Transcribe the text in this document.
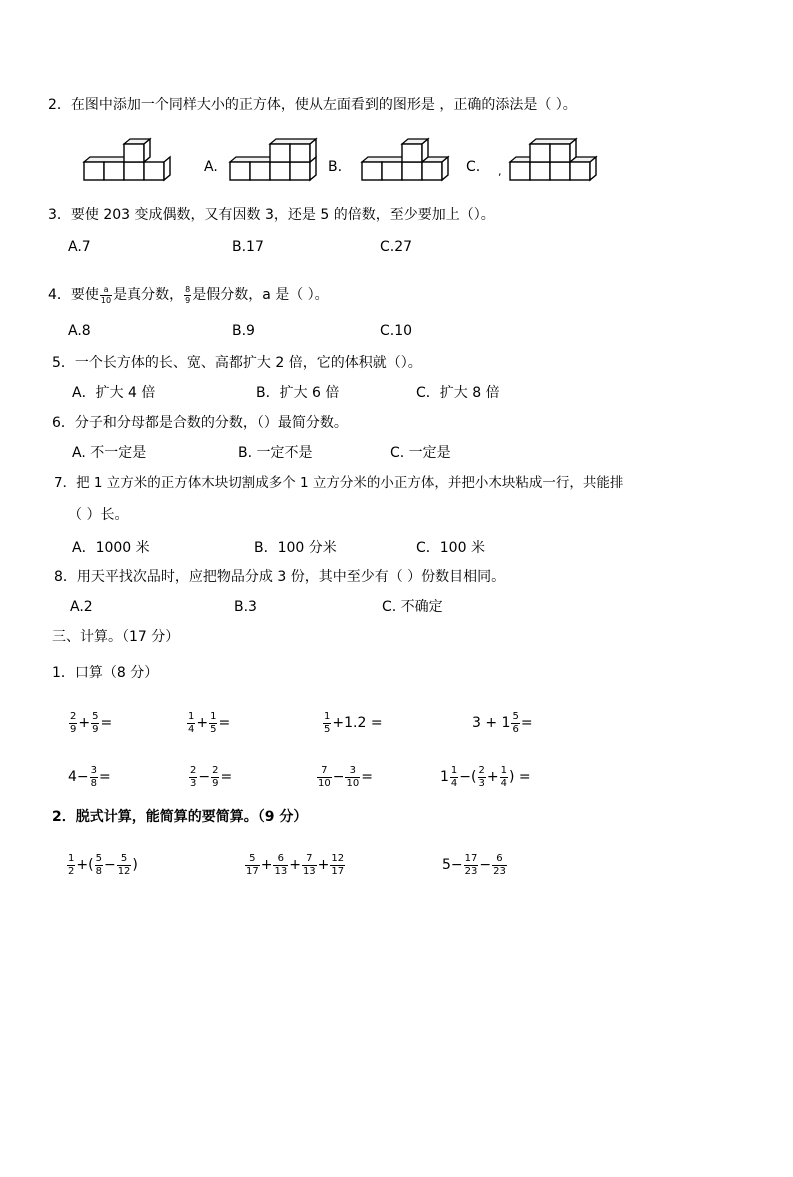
2．在图中添加一个同样大小的正方体，使从左面看到的图形是 ，正确的添法是（ ）。
A.	B.	C. ,
3．要使 203 变成偶数，又有因数 3，还是 5 的倍数，至少要加上（）。
A.7	B.17	C.27
4．要使 $\frac{a}{10}$ 是真分数， $\frac{8}{9}$ 是假分数，a 是（ ）。
A.8	B.9	C.10
5．一个长方体的长、宽、高都扩大 2 倍，它的体积就（）。
A．扩大 4 倍	B．扩大 6 倍	C．扩大 8 倍
6．分子和分母都是合数的分数，（）最简分数。
A. 不一定是	B. 一定不是	C. 一定是
7．把 1 立方米的正方体木块切割成多个 1 立方分米的小正方体，并把小木块粘成一行，共能排
（ ）长。
A．1000 米	B．100 分米	C．100 米
8．用天平找次品时，应把物品分成 3 份，其中至少有（ ）份数目相同。
A.2	B.3	C. 不确定
三、计算。（17 分）
1．口算（8 分）
$\frac{2}{9} + \frac{5}{9}$ =	$\frac{1}{4} + \frac{1}{5}$ =	$\frac{1}{5} +1.2$ =	$3 + 1 \frac{5}{6}$ =
$4- \frac{3}{8}$ =	$\frac{2}{3} - \frac{2}{9}$ =	$\frac{7}{10} - \frac{3}{10}$ =	$1 \frac{1}{4}$ −( $\frac{2}{3} + \frac{1}{4}$ ) =
2．脱式计算，能简算的要简算。（9 分）
$\frac{1}{2}$ +( $\frac{5}{8} - \frac{5}{12}$ )	$\frac{5}{17} + \frac{6}{13} + \frac{7}{13} + \frac{12}{17}$	$5- \frac{17}{23} - \frac{6}{23}$
